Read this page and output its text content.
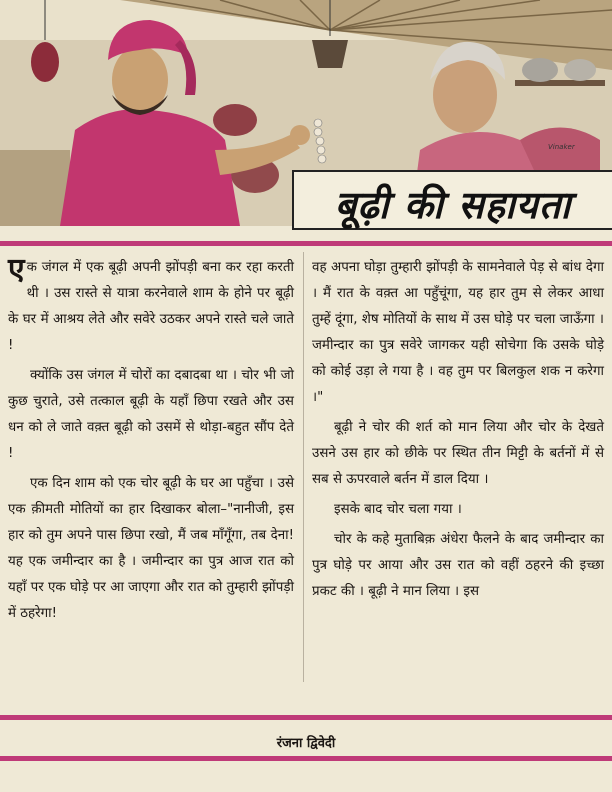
Vinaker
बूढ़ी की सहायता

एक जंगल में एक बूढ़ी अपनी झोंपड़ी बना कर रहा करती थी । उस रास्ते से यात्रा करनेवाले शाम के होने पर बूढ़ी के घर में आश्रय लेते और सवेरे उठकर अपने रास्ते चले जाते !

क्योंकि उस जंगल में चोरों का दबादबा था । चोर भी जो कुछ चुराते, उसे तत्काल बूढ़ी के यहाँ छिपा रखते और उस धन को ले जाते वक़्त बूढ़ी को उसमें से थोड़ा-बहुत सौंप देते !

एक दिन शाम को एक चोर बूढ़ी के घर आ पहुँचा । उसे एक क़ीमती मोतियों का हार दिखाकर बोला–"नानीजी, इस हार को तुम अपने पास छिपा रखो, मैं जब माँगूँगा, तब देना! यह एक जमीन्दार का है । जमीन्दार का पुत्र आज रात को यहाँ पर एक घोड़े पर आ जाएगा और रात को तुम्हारी झोंपड़ी में ठहरेगा!

वह अपना घोड़ा तुम्हारी झोंपड़ी के सामनेवाले पेड़ से बांध देगा । मैं रात के वक़्त आ पहुँचूंगा, यह हार तुम से लेकर आधा तुम्हें दूंगा, शेष मोतियों के साथ में उस घोड़े पर चला जाऊँगा । जमीन्दार का पुत्र सवेरे जागकर यही सोचेगा कि उसके घोड़े को कोई उड़ा ले गया है । वह तुम पर बिलकुल शक न करेगा ।"

बूढ़ी ने चोर की शर्त को मान लिया और चोर के देखते उसने उस हार को छीके पर स्थित तीन मिट्टी के बर्तनों में से सब से ऊपरवाले बर्तन में डाल दिया ।

इसके बाद चोर चला गया ।

चोर के कहे मुताबिक़ अंधेरा फैलने के बाद जमीन्दार का पुत्र घोड़े पर आया और उस रात को वहीं ठहरने की इच्छा प्रकट की । बूढ़ी ने मान लिया । इस

रंजना द्विवेदी
